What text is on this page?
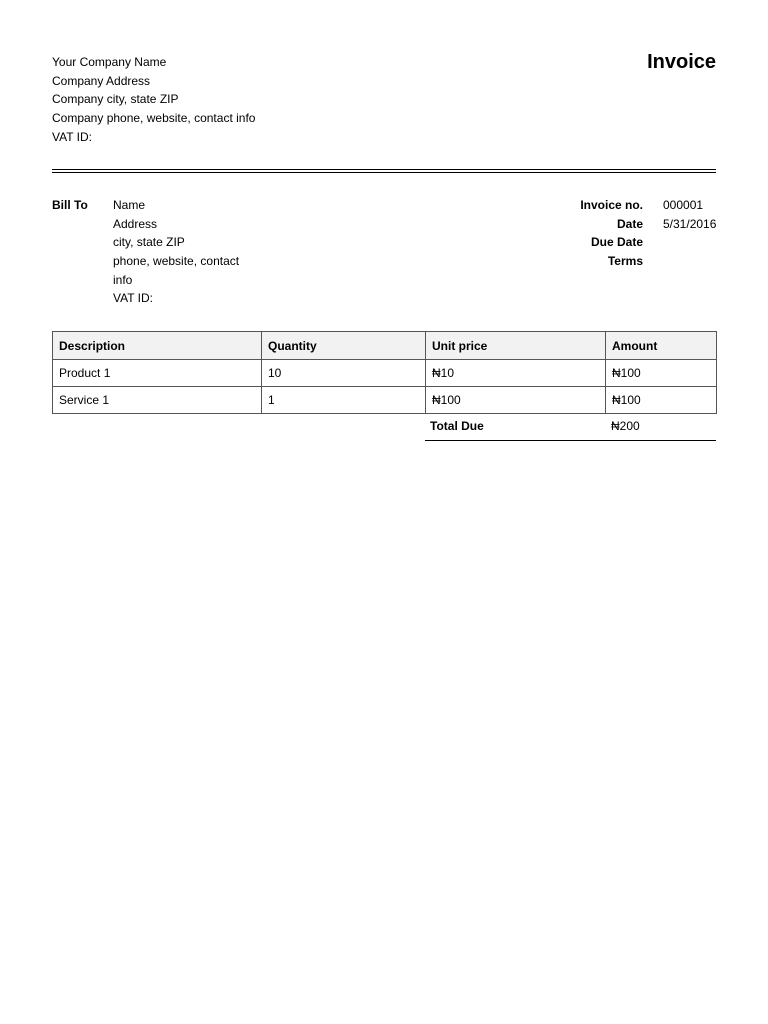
Your Company Name
Company Address
Company city, state ZIP
Company phone, website, contact info
VAT ID:
Invoice
Bill To Name
Address
city, state ZIP
phone, website, contact
info
VAT ID:
Invoice no. 000001
Date 5/31/2016
Due Date
Terms
Description	Quantity	Unit price	Amount
Product 1	10	₦10	₦100
Service 1	1	₦100	₦100
Total Due	₦200
